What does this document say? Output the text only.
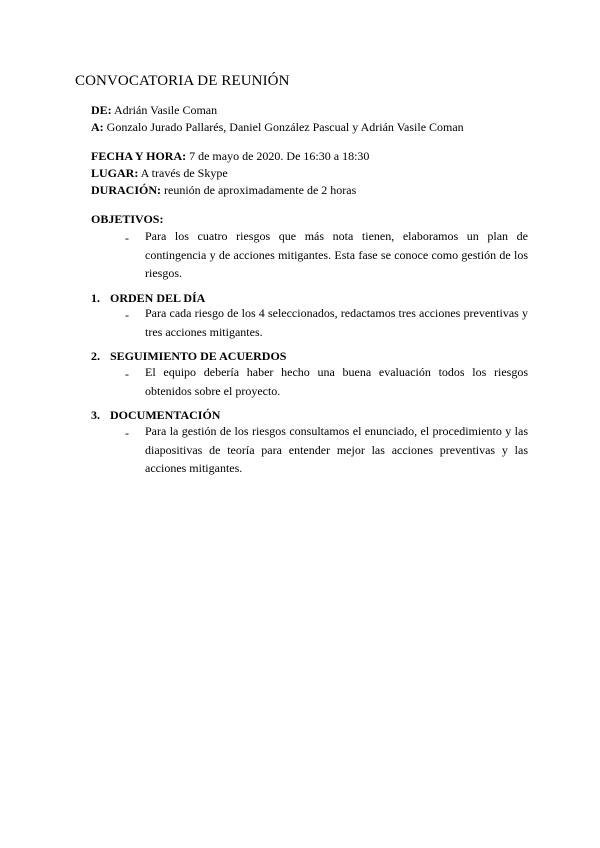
CONVOCATORIA DE REUNIÓN
DE: Adrián Vasile Coman
A: Gonzalo Jurado Pallarés, Daniel González Pascual y Adrián Vasile Coman
FECHA Y HORA: 7 de mayo de 2020. De 16:30 a 18:30
LUGAR: A través de Skype
DURACIÓN: reunión de aproximadamente de 2 horas
OBJETIVOS:
- Para los cuatro riesgos que más nota tienen, elaboramos un plan de contingencia y de acciones mitigantes. Esta fase se conoce como gestión de los riesgos.
1. ORDEN DEL DÍA
- Para cada riesgo de los 4 seleccionados, redactamos tres acciones preventivas y tres acciones mitigantes.
2. SEGUIMIENTO DE ACUERDOS
- El equipo debería haber hecho una buena evaluación todos los riesgos obtenidos sobre el proyecto.
3. DOCUMENTACIÓN
- Para la gestión de los riesgos consultamos el enunciado, el procedimiento y las diapositivas de teoría para entender mejor las acciones preventivas y las acciones mitigantes.
